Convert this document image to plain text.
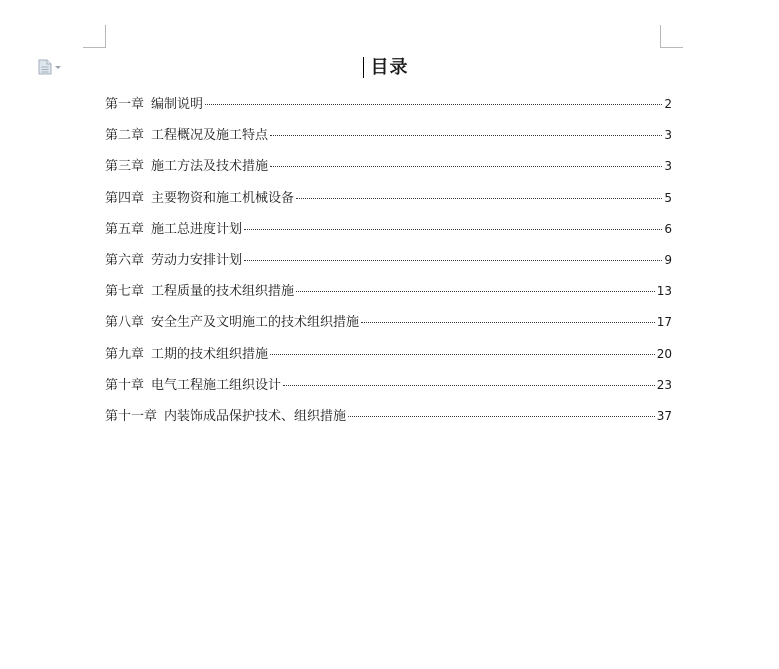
目录
第一章 编制说明	2
第二章 工程概况及施工特点	3
第三章 施工方法及技术措施	3
第四章 主要物资和施工机械设备	5
第五章 施工总进度计划	6
第六章 劳动力安排计划	9
第七章 工程质量的技术组织措施	13
第八章 安全生产及文明施工的技术组织措施	17
第九章 工期的技术组织措施	20
第十章 电气工程施工组织设计	23
第十一章 内装饰成品保护技术、组织措施	37
